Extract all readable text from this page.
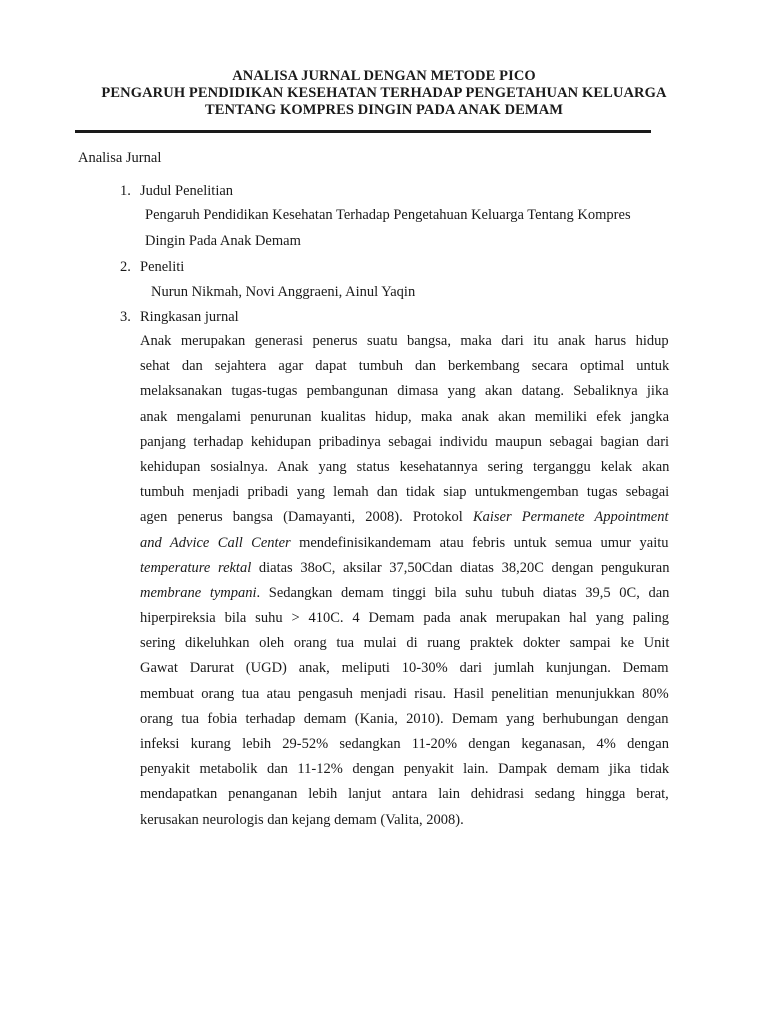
ANALISA JURNAL DENGAN METODE PICO
PENGARUH PENDIDIKAN KESEHATAN TERHADAP PENGETAHUAN KELUARGA
TENTANG KOMPRES DINGIN PADA ANAK DEMAM
Analisa Jurnal
1. Judul Penelitian
Pengaruh Pendidikan Kesehatan Terhadap Pengetahuan Keluarga Tentang Kompres
Dingin Pada Anak Demam
2. Peneliti
Nurun Nikmah, Novi Anggraeni, Ainul Yaqin
3. Ringkasan jurnal
Anak merupakan generasi penerus suatu bangsa, maka dari itu anak harus hidup
sehat dan sejahtera agar dapat tumbuh dan berkembang secara optimal untuk
melaksanakan tugas-tugas pembangunan dimasa yang akan datang. Sebaliknya jika
anak mengalami penurunan kualitas hidup, maka anak akan memiliki efek jangka
panjang terhadap kehidupan pribadinya sebagai individu maupun sebagai bagian dari
kehidupan sosialnya. Anak yang status kesehatannya sering terganggu kelak akan
tumbuh menjadi pribadi yang lemah dan tidak siap untukmengemban tugas sebagai
agen penerus bangsa (Damayanti, 2008). Protokol Kaiser Permanete Appointment
and Advice Call Center mendefinisikandemam atau febris untuk semua umur yaitu
temperature rektal diatas 38oC, aksilar 37,50Cdan diatas 38,20C dengan pengukuran
membrane tympani. Sedangkan demam tinggi bila suhu tubuh diatas 39,5 0C, dan
hiperpireksia bila suhu > 410C. 4 Demam pada anak merupakan hal yang paling
sering dikeluhkan oleh orang tua mulai di ruang praktek dokter sampai ke Unit
Gawat Darurat (UGD) anak, meliputi 10-30% dari jumlah kunjungan. Demam
membuat orang tua atau pengasuh menjadi risau. Hasil penelitian menunjukkan 80%
orang tua fobia terhadap demam (Kania, 2010). Demam yang berhubungan dengan
infeksi kurang lebih 29-52% sedangkan 11-20% dengan keganasan, 4% dengan
penyakit metabolik dan 11-12% dengan penyakit lain. Dampak demam jika tidak
mendapatkan penanganan lebih lanjut antara lain dehidrasi sedang hingga berat,
kerusakan neurologis dan kejang demam (Valita, 2008).
